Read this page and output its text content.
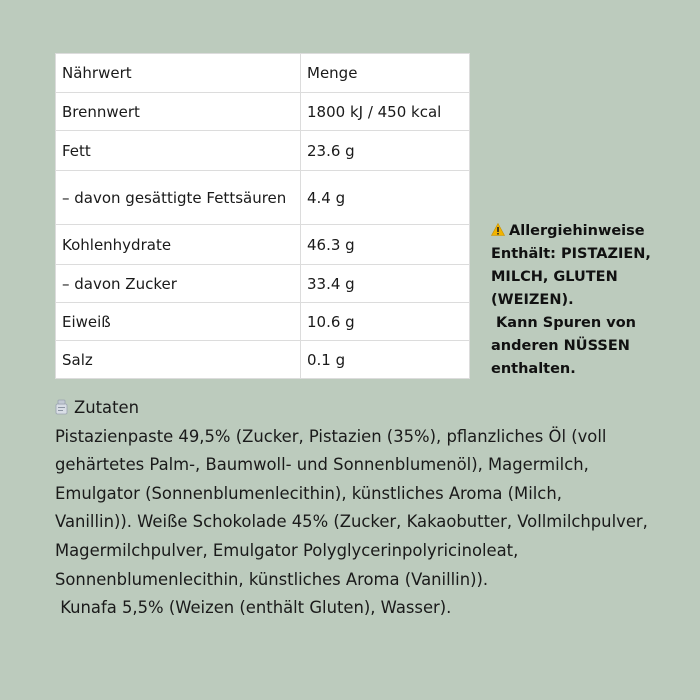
Nährwert	Menge
Brennwert	1800 kJ / 450 kcal
Fett	23.6 g
– davon gesättigte Fettsäuren	4.4 g
Kohlenhydrate	46.3 g
– davon Zucker	33.4 g
Eiweiß	10.6 g
Salz	0.1 g
Allergiehinweise
Enthält: PISTAZIEN,
MILCH, GLUTEN
(WEIZEN).
Kann Spuren von
anderen NÜSSEN
enthalten.
Zutaten
Pistazienpaste 49,5% (Zucker, Pistazien (35%), pflanzliches Öl (voll
gehärtetes Palm-, Baumwoll- und Sonnenblumenöl), Magermilch,
Emulgator (Sonnenblumenlecithin), künstliches Aroma (Milch,
Vanillin)). Weiße Schokolade 45% (Zucker, Kakaobutter, Vollmilchpulver,
Magermilchpulver, Emulgator Polyglycerinpolyricinoleat,
Sonnenblumenlecithin, künstliches Aroma (Vanillin)).
Kunafa 5,5% (Weizen (enthält Gluten), Wasser).
